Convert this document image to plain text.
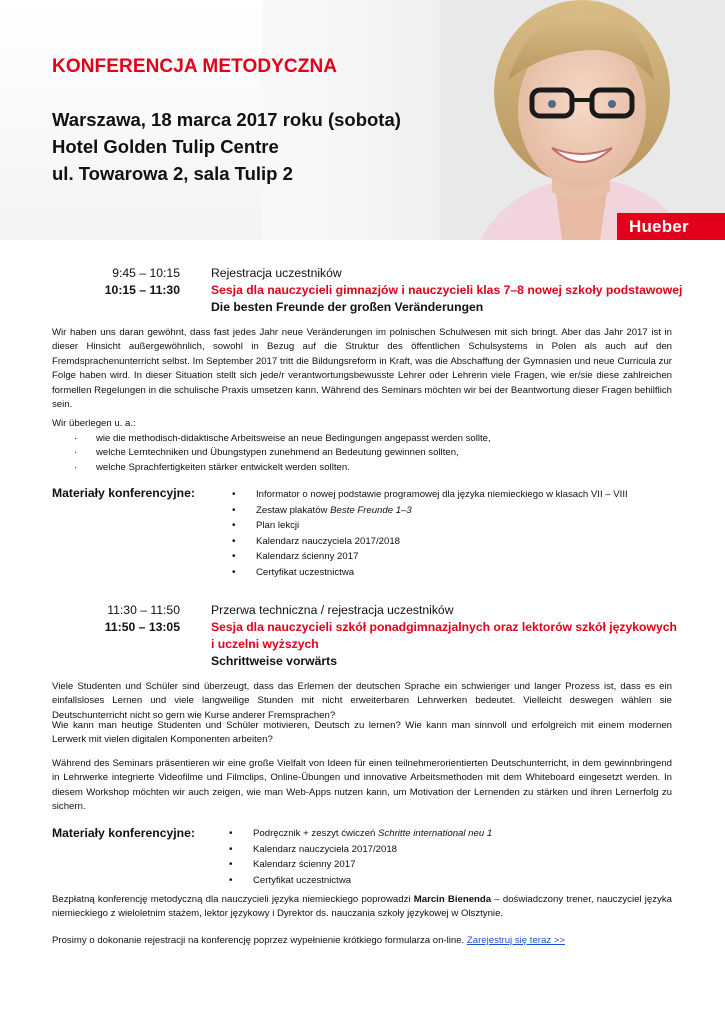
KONFERENCJA METODYCZNA
Warszawa, 18 marca 2017 roku (sobota)
Hotel Golden Tulip Centre
ul. Towarowa 2, sala Tulip 2
Hueber
9:45 – 10:15	Rejestracja uczestników
10:15 – 11:30	Sesja dla nauczycieli gimnazjów i nauczycieli klas 7–8 nowej szkoły podstawowej
Die besten Freunde der großen Veränderungen

Wir haben uns daran gewöhnt, dass fast jedes Jahr neue Veränderungen im polnischen Schulwesen mit sich bringt. Aber das Jahr 2017 ist in dieser Hinsicht außergewöhnlich, sowohl in Bezug auf die Struktur des öffentlichen Schulsystems in Polen als auch auf den Fremdsprachenunterricht selbst. Im September 2017 tritt die Bildungsreform in Kraft, was die Abschaffung der Gymnasien und neue Curricula zur Folge haben wird. In dieser Situation stellt sich jede/r verantwortungsbewusste Lehrer oder Lehrerin viele Fragen, wie er/sie diese zahlreichen formellen Regelungen in die schulische Praxis umsetzen kann. Während des Seminars möchten wir bei der Beantwortung dieser Fragen behilflich sein.

Wir überlegen u. a.:

· wie die methodisch-didaktische Arbeitsweise an neue Bedingungen angepasst werden sollte,
· welche Lerntechniken und Übungstypen zunehmend an Bedeutung gewinnen sollten,
· welche Sprachfertigkeiten stärker entwickelt werden sollten.
Materiały konferencyjne:	• Informator o nowej podstawie programowej dla języka niemieckiego w klasach VII – VIII
• Zestaw plakatów Beste Freunde 1–3
• Plan lekcji
• Kalendarz nauczyciela 2017/2018
• Kalendarz ścienny 2017
• Certyfikat uczestnictwa
11:30 – 11:50	Przerwa techniczna / rejestracja uczestników
11:50 – 13:05	Sesja dla nauczycieli szkół ponadgimnazjalnych oraz lektorów szkół językowych
i uczelni wyższych
Schrittweise vorwärts

Viele Studenten und Schüler sind überzeugt, dass das Erlernen der deutschen Sprache ein schwieriger und langer Prozess ist, dass es ein einfallsloses Lernen und viele langweilige Stunden mit nicht erweiterbaren Lehrwerken bedeutet. Vielleicht deswegen wählen sie Deutschunterricht nicht so gern wie Kurse anderer Fremsprachen?

Wie kann man heutige Studenten und Schüler motivieren, Deutsch zu lernen? Wie kann man sinnvoll und erfolgreich mit einem modernen Lerwerk mit vielen digitalen Komponenten arbeiten?

Während des Seminars präsentieren wir eine große Vielfalt von Ideen für einen teilnehmerorientierten Deutschunterricht, in dem gewinnbringend in Lehrwerke integrierte Videofilme und Filmclips, Online-Übungen und innovative Arbeitsmethoden mit dem Whiteboard eingesetzt werden. In diesem Workshop möchten wir auch zeigen, wie man Web-Apps nutzen kann, um Motivation der Lernenden zu stärken und ihren Lernerfolg zu sichern.

Materiały konferencyjne:	• Podręcznik + zeszyt ćwiczeń Schritte international neu 1
• Kalendarz nauczyciela 2017/2018
• Kalendarz ścienny 2017
• Certyfikat uczestnictwa

Bezpłatną konferencję metodyczną dla nauczycieli języka niemieckiego poprowadzi Marcin Bienenda – doświadczony trener, nauczyciel języka niemieckiego z wieloletnim stażem, lektor językowy i Dyrektor ds. nauczania szkoły językowej w Olsztynie.

Prosimy o dokonanie rejestracji na konferencję poprzez wypełnienie krótkiego formularza on-line. Zarejestruj się teraz >>
